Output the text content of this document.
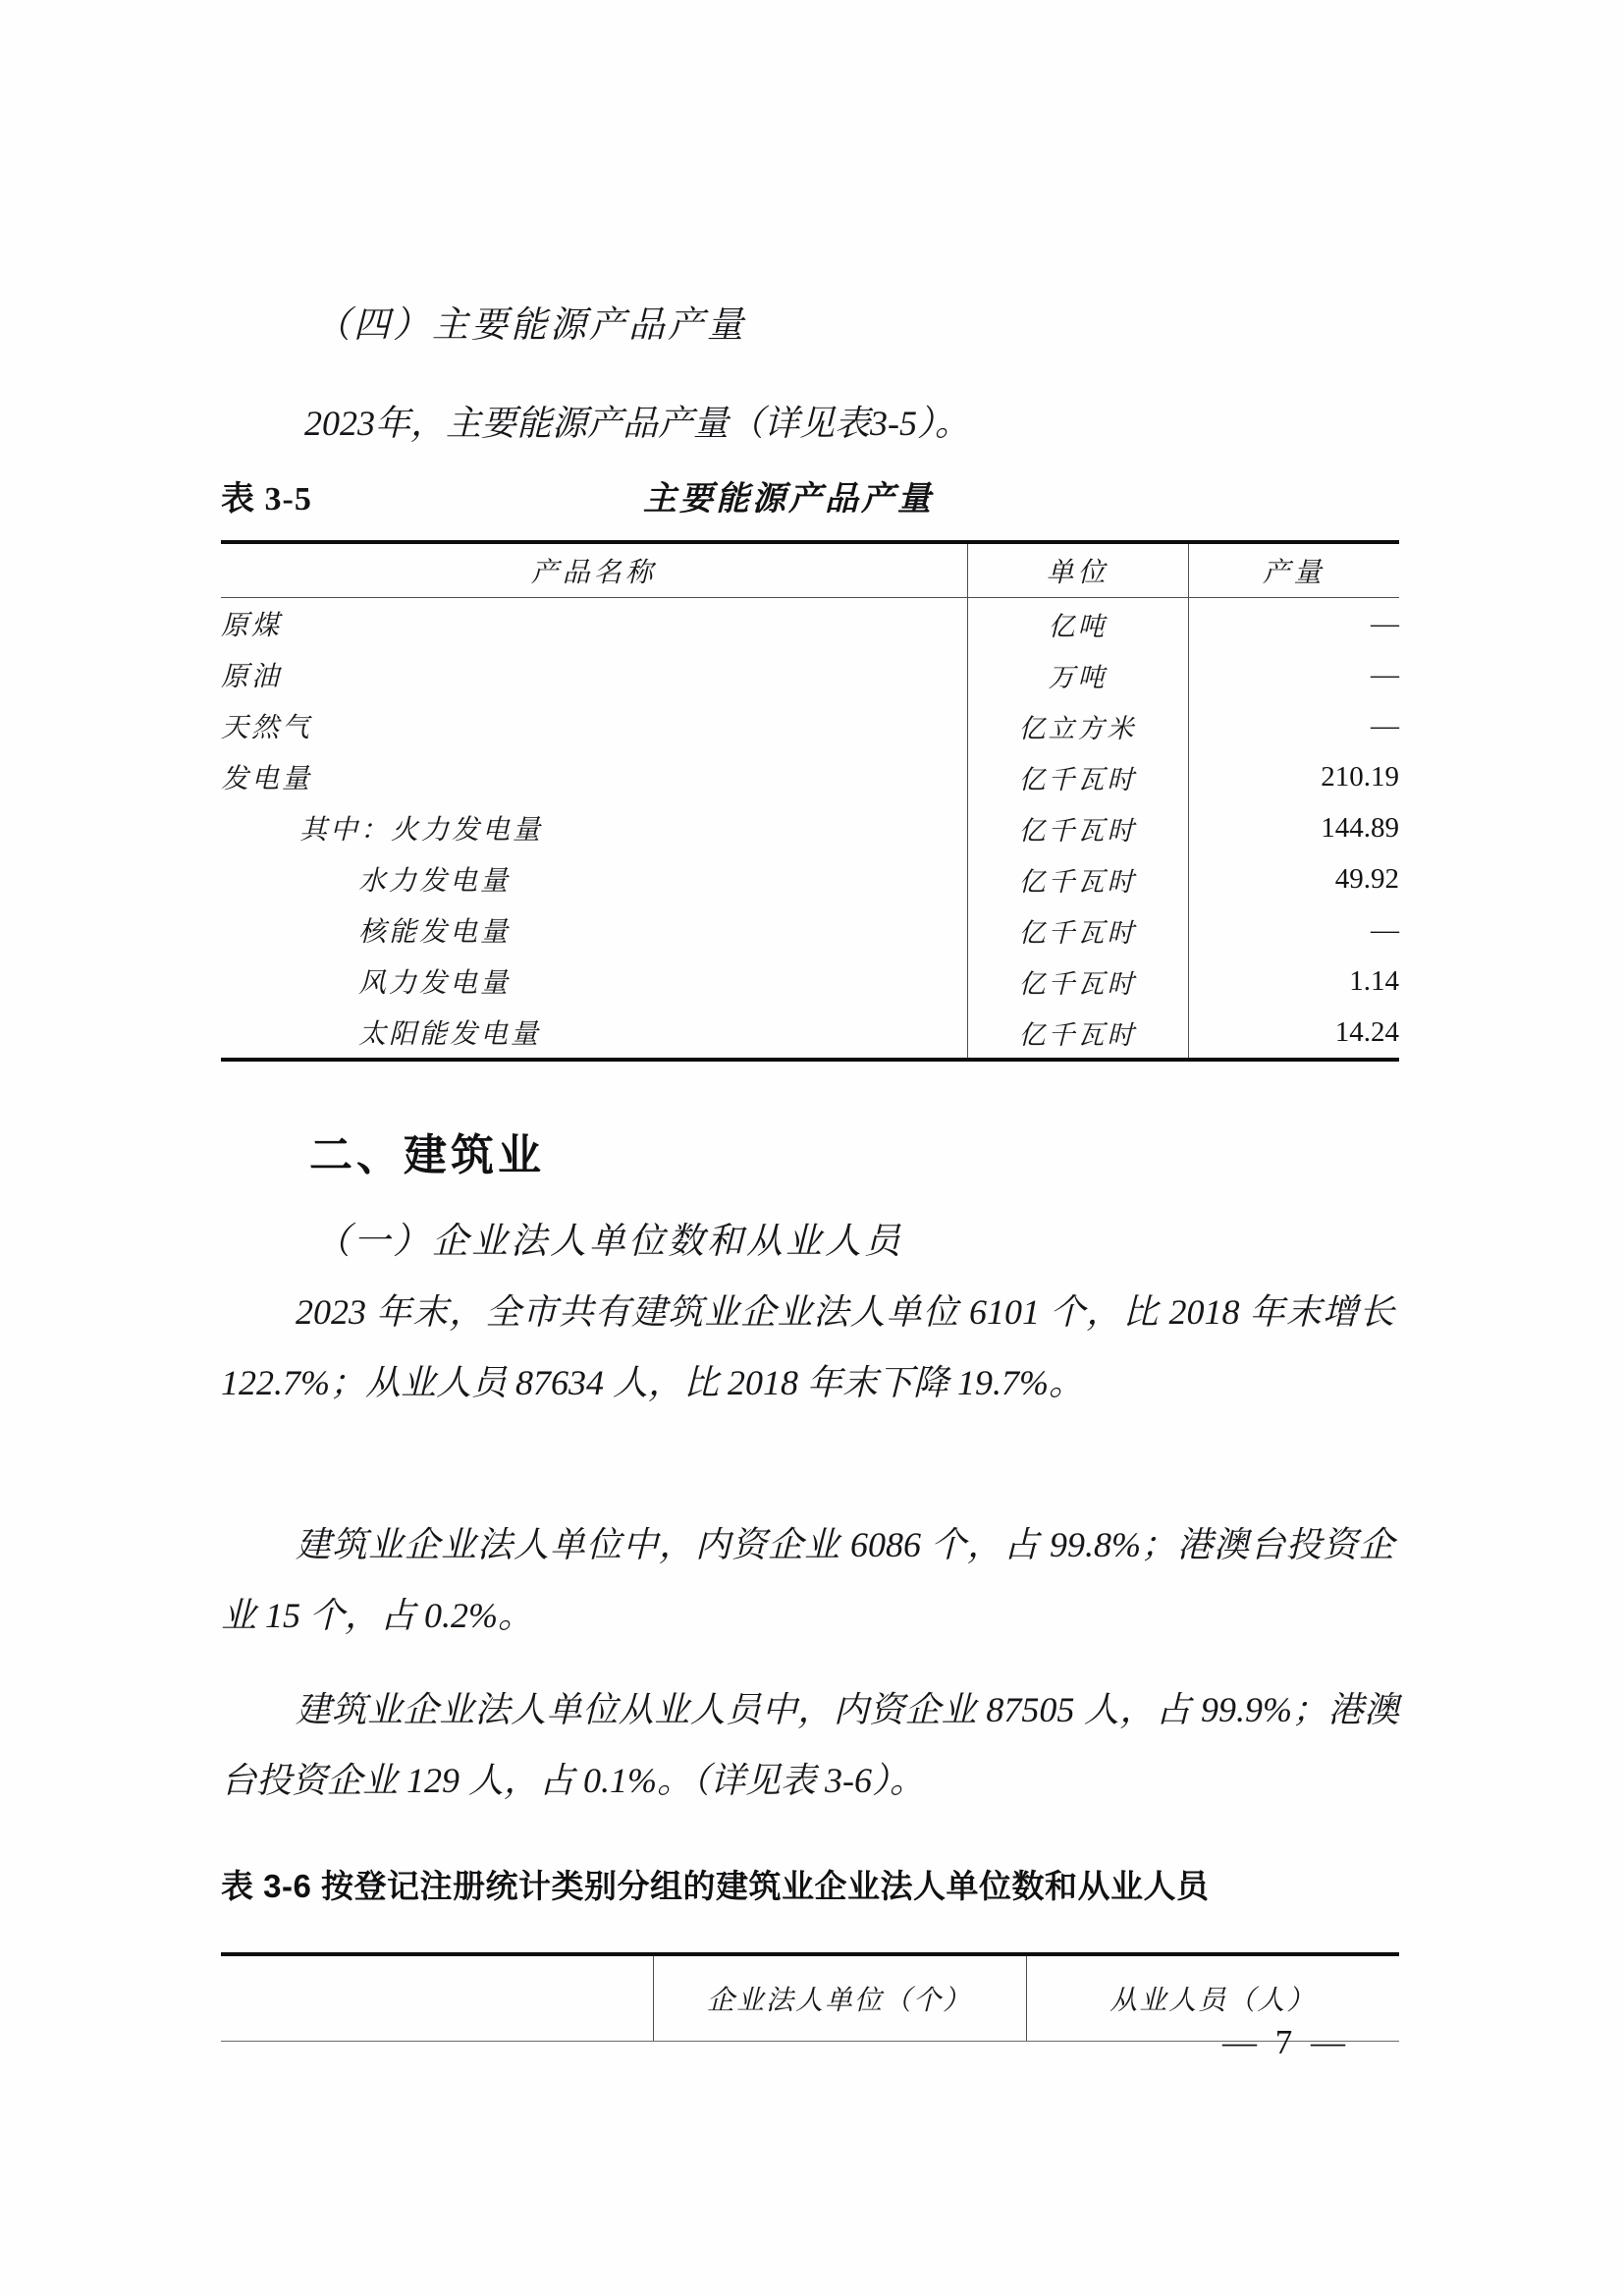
（四）主要能源产品产量
2023年，主要能源产品产量（详见表3-5）。
表 3-5	主要能源产品产量
产品名称	单位	产量
原煤	亿吨	—
原油	万吨	—
天然气	亿立方米	—
发电量	亿千瓦时	210.19
其中：火力发电量	亿千瓦时	144.89
水力发电量	亿千瓦时	49.92
核能发电量	亿千瓦时	—
风力发电量	亿千瓦时	1.14
太阳能发电量	亿千瓦时	14.24
二、建筑业
（一）企业法人单位数和从业人员
2023 年末，全市共有建筑业企业法人单位 6101 个，比 2018 年末增长 122.7%；从业人员 87634 人，比 2018 年末下降 19.7%。
建筑业企业法人单位中，内资企业 6086 个，占 99.8%；港澳台投资企业 15 个，占 0.2%。
建筑业企业法人单位从业人员中，内资企业 87505 人，占 99.9%；港澳台投资企业 129 人，占 0.1%。（详见表 3-6）。
表 3-6 按登记注册统计类别分组的建筑业企业法人单位数和从业人员
	企业法人单位（个）	从业人员（人）
— 7 —
